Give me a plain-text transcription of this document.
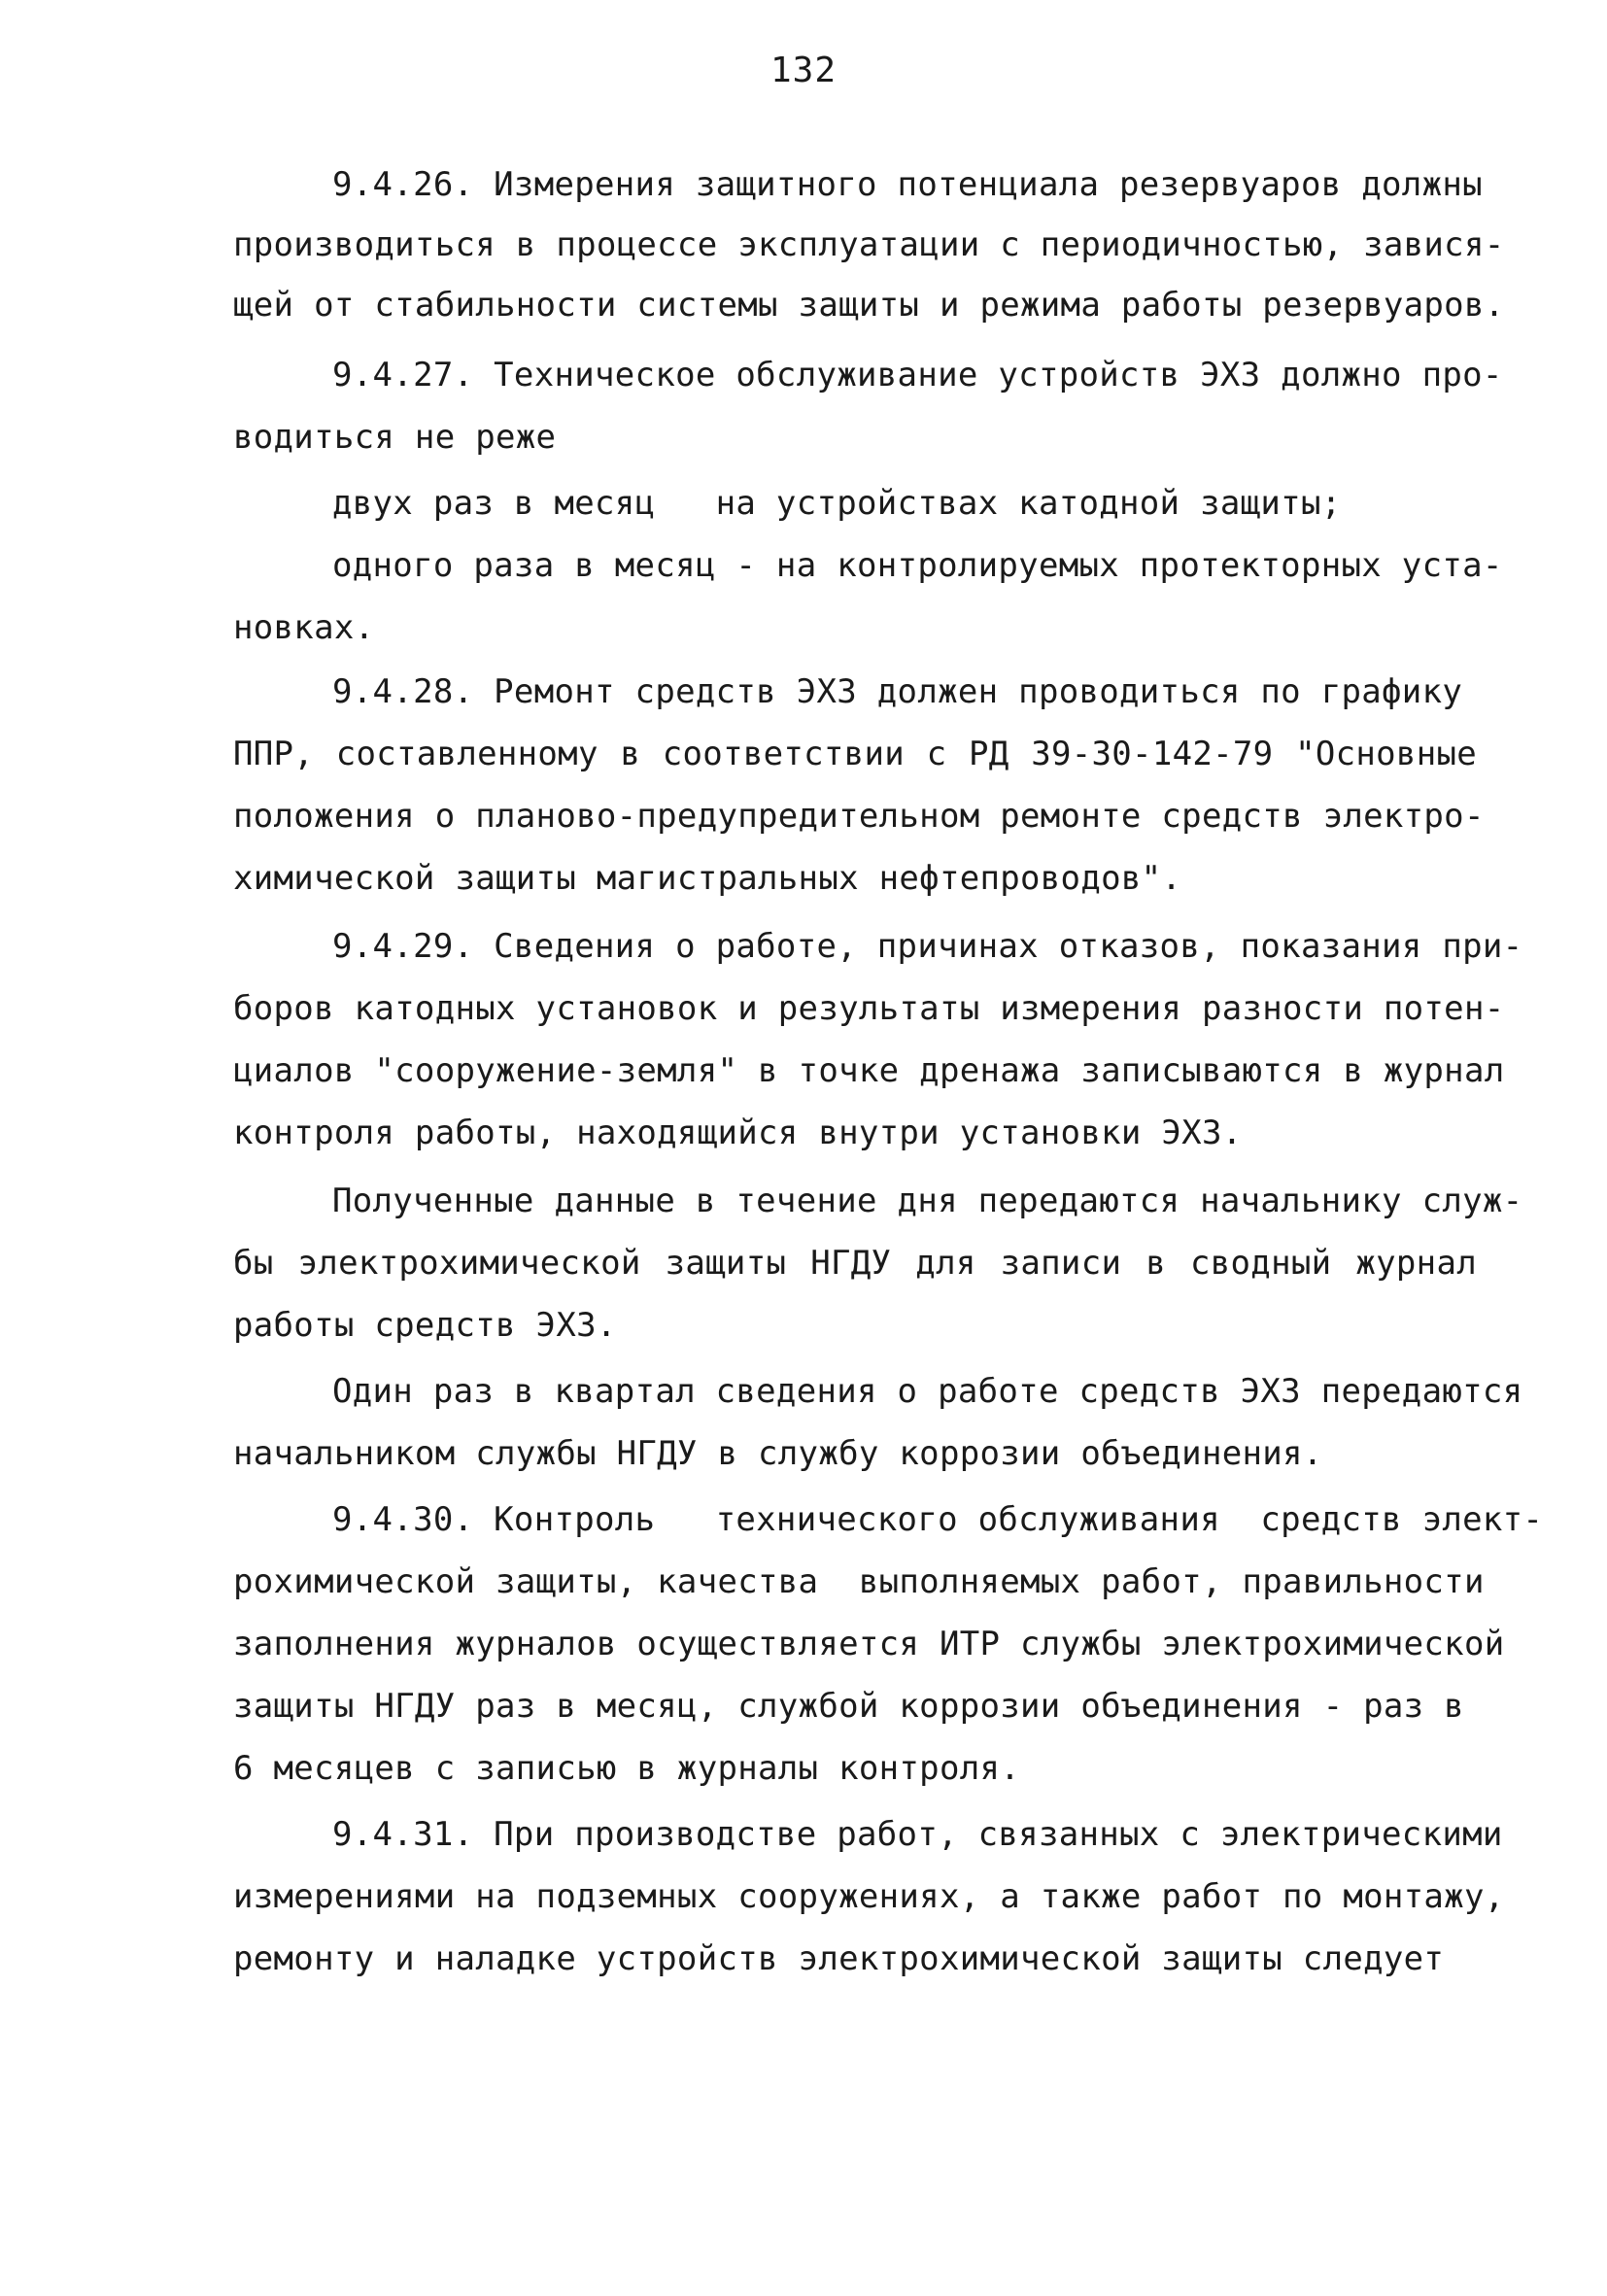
132
9.4.26. Измерения защитного потенциала резервуаров должны
производиться в процессе эксплуатации с периодичностью, завися-
щей от стабильности системы защиты и режима работы резервуаров.
9.4.27. Техническое обслуживание устройств ЭХЗ должно про-
водиться не реже
двух раз в месяц   на устройствах катодной защиты;
одного раза в месяц - на контролируемых протекторных уста-
новках.
9.4.28. Ремонт средств ЭХЗ должен проводиться по графику
ППР, составленному в соответствии с РД 39-30-142-79 "Основные
положения о планово-предупредительном ремонте средств электро-
химической защиты магистральных нефтепроводов".
9.4.29. Сведения о работе, причинах отказов, показания при-
боров катодных установок и результаты измерения разности потен-
циалов "сооружение-земля" в точке дренажа записываются в журнал
контроля работы, находящийся внутри установки ЭХЗ.
Полученные данные в течение дня передаются начальнику служ-
бы электрохимической защиты НГДУ для записи в сводный журнал
работы средств ЭХЗ.
Один раз в квартал сведения о работе средств ЭХЗ передаются
начальником службы НГДУ в службу коррозии объединения.
9.4.30. Контроль   технического обслуживания  средств элект-
рохимической защиты, качества  выполняемых работ, правильности
заполнения журналов осуществляется ИТР службы электрохимической
защиты НГДУ раз в месяц, службой коррозии объединения - раз в
6 месяцев с записью в журналы контроля.
9.4.31. При производстве работ, связанных с электрическими
измерениями на подземных сооружениях, а также работ по монтажу,
ремонту и наладке устройств электрохимической защиты следует
